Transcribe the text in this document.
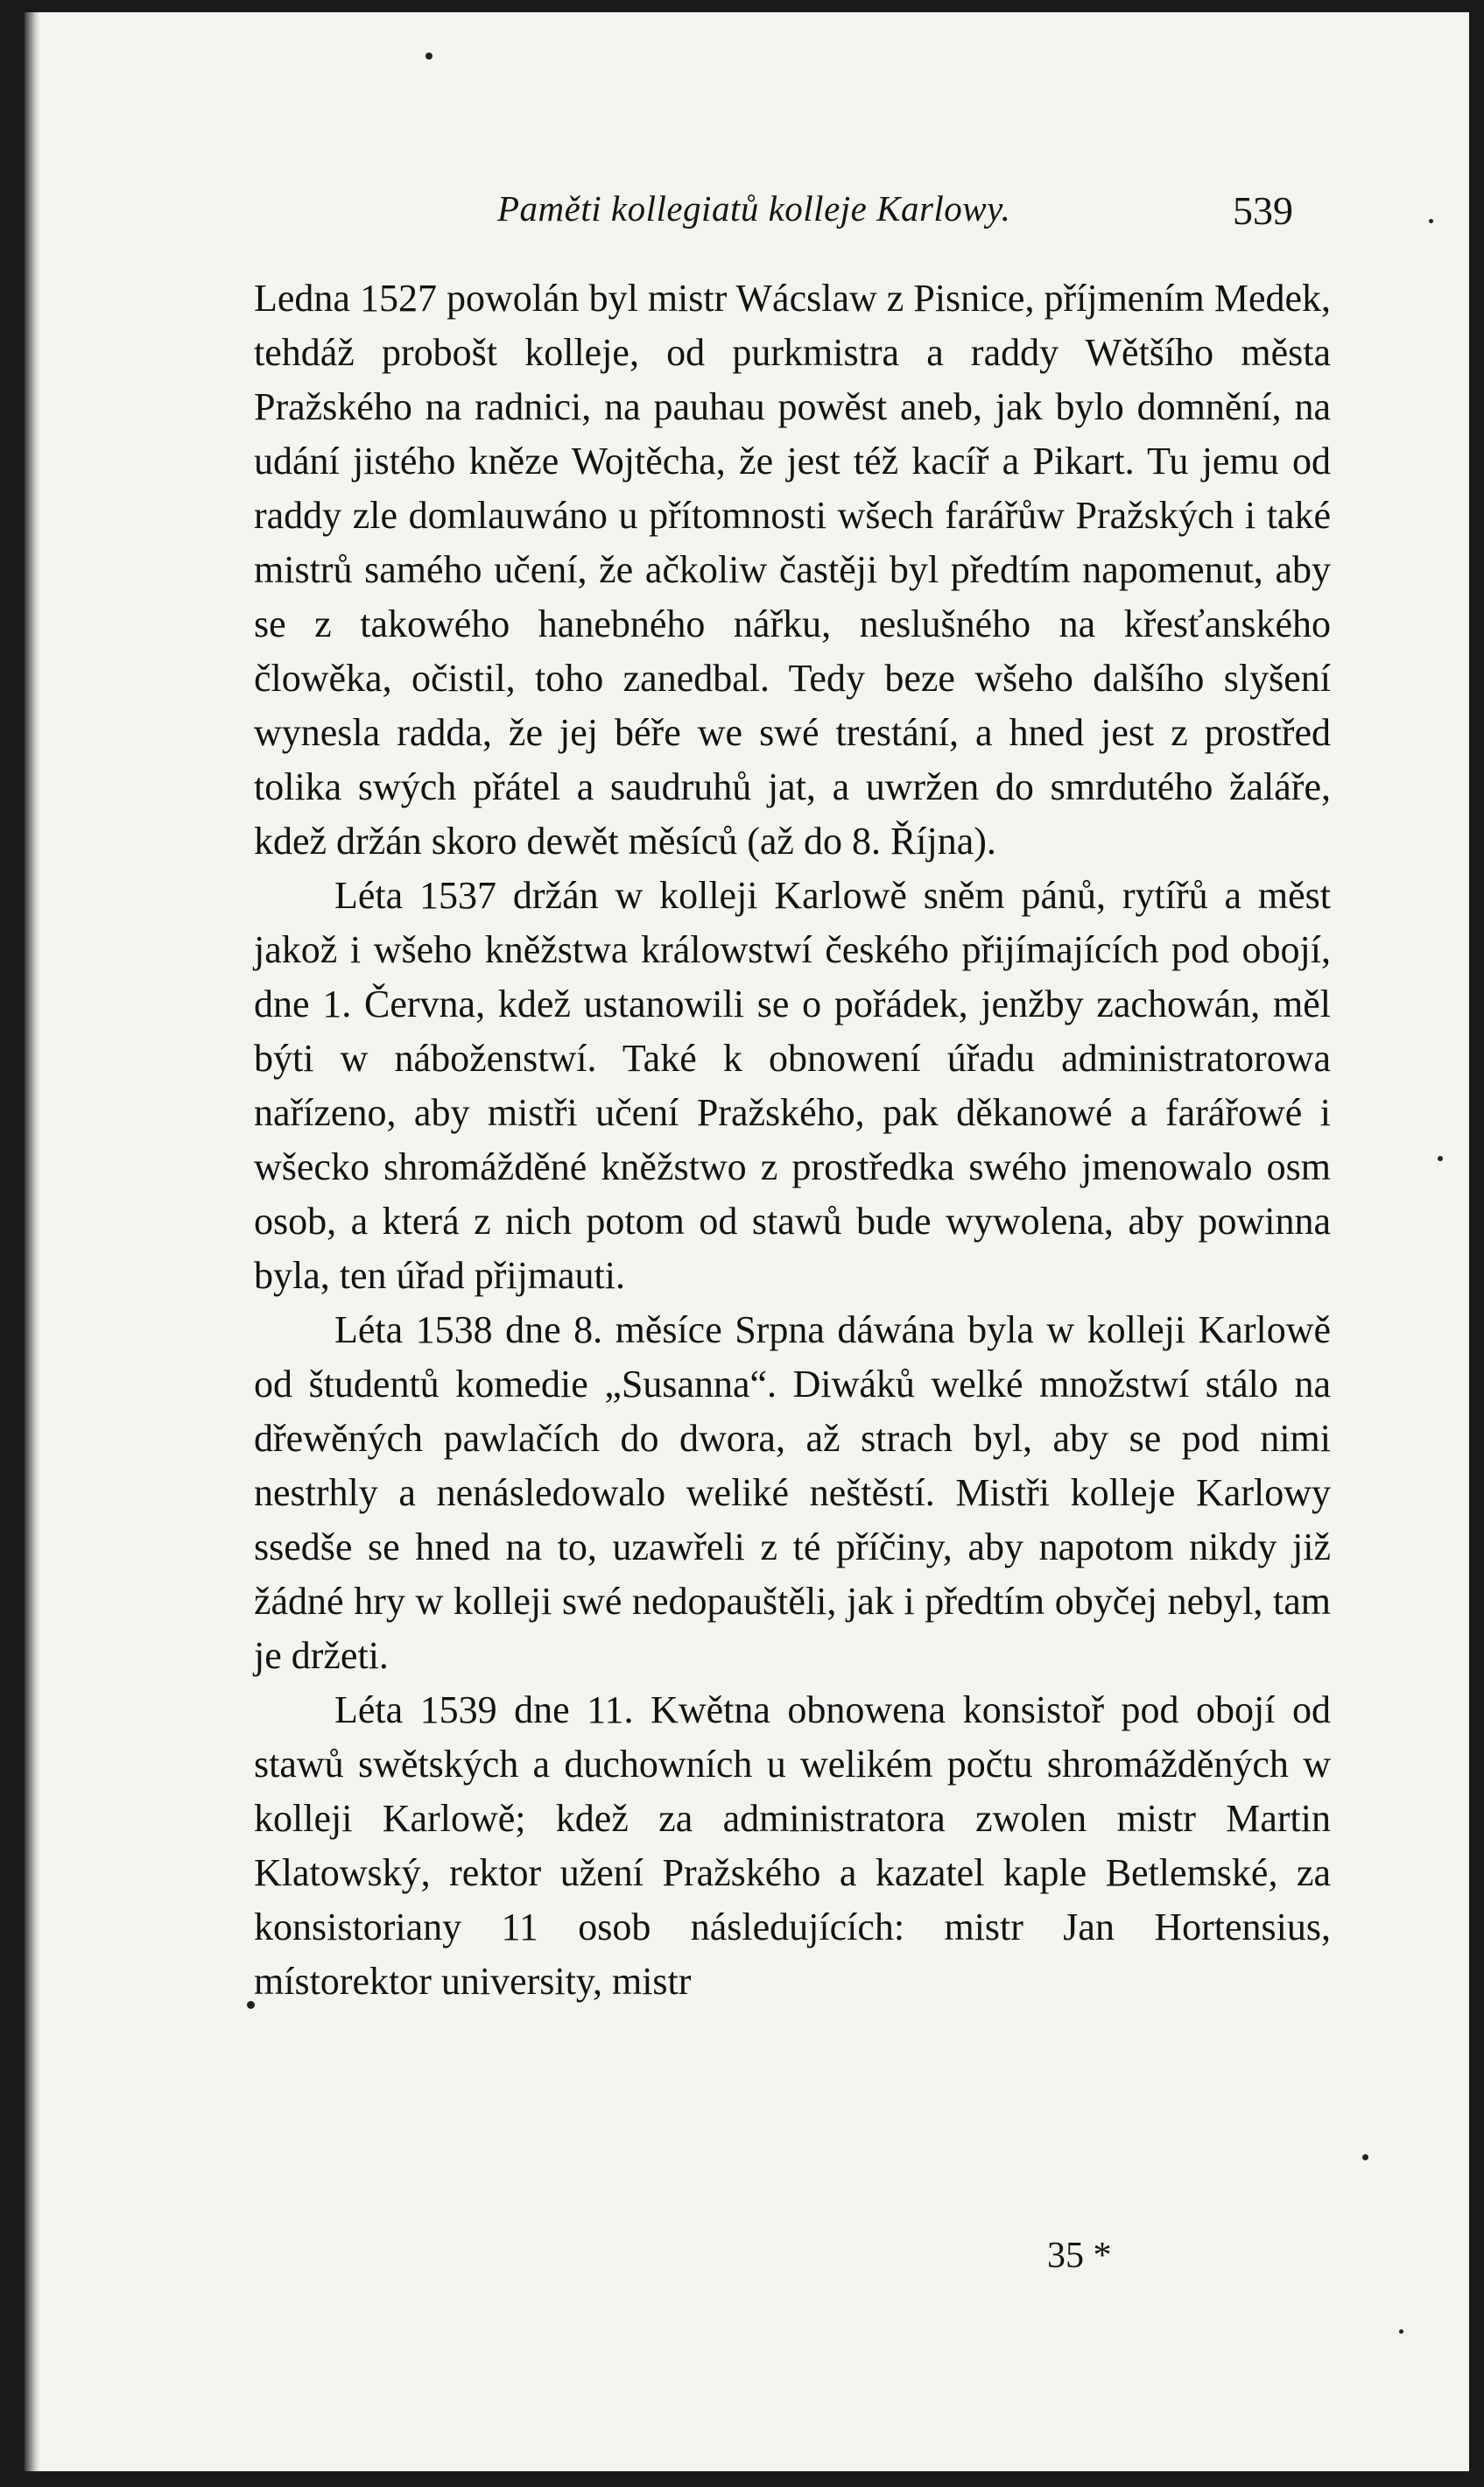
Paměti kollegiatů kolleje Karlowy.	539

Ledna 1527 powolán byl mistr Wácslaw z Pisnice, příjmením Medek, tehdáž probošt kolleje, od purkmistra a raddy Wětšího města Pražského na radnici, na pauhau powěst aneb, jak bylo domnění, na udání jistého kněze Wojtěcha, že jest též kacíř a Pikart. Tu jemu od raddy zle domlauwáno u přítomnosti wšech farářůw Pražských i také mistrů samého učení, že ačkoliw častěji byl předtím napomenut, aby se z takowého hanebného nářku, neslušného na křesťanského člowěka, očistil, toho zanedbal. Tedy beze wšeho dalšího slyšení wynesla radda, že jej béře we swé trestání, a hned jest z prostřed tolika swých přátel a saudruhů jat, a uwržen do smrdutého žaláře, kdež držán skoro dewět měsíců (až do 8. Října).

Léta 1537 držán w kolleji Karlowě sněm pánů, rytířů a měst jakož i wšeho kněžstwa králowstwí českého přijímajících pod obojí, dne 1. Červnа, kdež ustanowili se o pořádek, jenžby zachowán, měl býti w náboženstwí. Také k obnowení úřadu administratorowa nařízeno, aby mistři učení Pražského, pak děkanowé a farářowé i wšecko shromážděné kněžstwo z prostředka swého jmenowalo osm osob, a která z nich potom od stawů bude wywolena, aby powinna byla, ten úřad přijmauti.

Léta 1538 dne 8. měsíce Srpna dáwána byla w kolleji Karlowě od študentů komedie „Susanna“. Diwáků welké množstwí stálo na dřewěných pawlačích do dwora, až strach byl, aby se pod nimi nestrhly a nenásledowalo weliké neštěstí. Mistři kolleje Karlowy ssedše se hned na to, uzawřeli z té příčiny, aby napotom nikdy již žádné hry w kolleji swé nedopauštěli, jak i předtím obyčej nebyl, tam je držeti.

Léta 1539 dne 11. Kwětna obnowena konsistoř pod obojí od stawů swětských a duchowních u welikém počtu shromážděných w kolleji Karlowě; kdež za administratora zwolen mistr Martin Klatowský, rektor užení Pražského a kazatel kaple Betlemské, za konsistoriany 11 osob následujících: mistr Jan Hortensius, místorektor university, mistr

35 *
